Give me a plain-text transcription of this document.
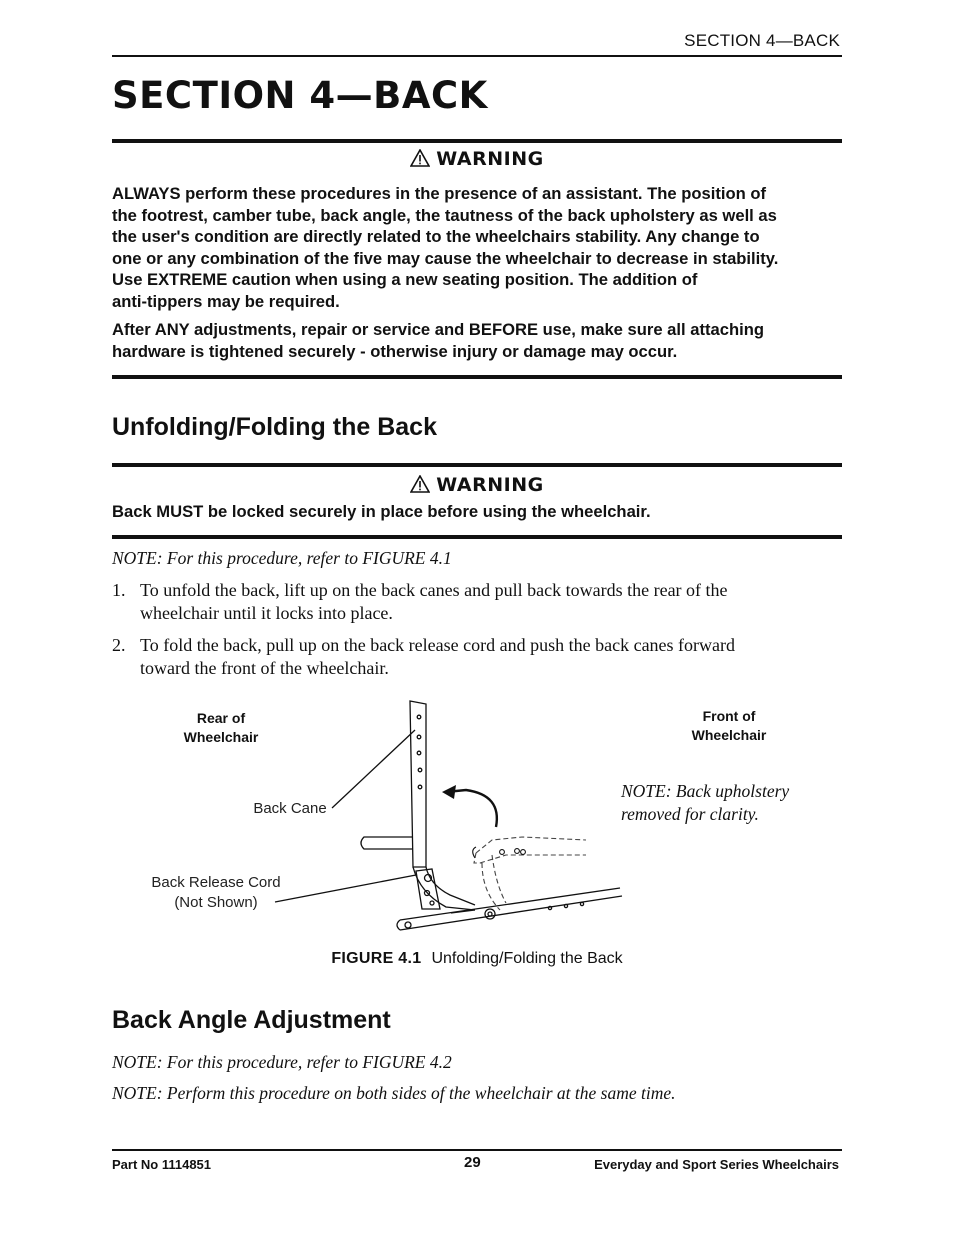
SECTION 4—BACK
SECTION 4—BACK
WARNING
ALWAYS perform these procedures in the presence of an assistant. The position of
the footrest, camber tube, back angle, the tautness of the back upholstery as well as
the user's condition are directly related to the wheelchairs stability. Any change to
one or any combination of the five may cause the wheelchair to decrease in stability.
Use EXTREME caution when using a new seating position. The addition of
anti-tippers may be required.
After ANY adjustments, repair or service and BEFORE use, make sure all attaching
hardware is tightened securely - otherwise injury or damage may occur.
Unfolding/Folding the Back
WARNING
Back MUST be locked securely in place before using the wheelchair.
NOTE: For this procedure, refer to FIGURE 4.1
1. To unfold the back, lift up on the back canes and pull back towards the rear of the
wheelchair until it locks into place.
2. To fold the back, pull up on the back release cord and push the back canes forward
toward the front of the wheelchair.
Rear of
Wheelchair
Front of
Wheelchair
Back Cane
Back Release Cord
(Not Shown)
NOTE: Back upholstery
removed for clarity.
FIGURE 4.1 Unfolding/Folding the Back
Back Angle Adjustment
NOTE: For this procedure, refer to FIGURE 4.2
NOTE: Perform this procedure on both sides of the wheelchair at the same time.
Part No 1114851	29	Everyday and Sport Series Wheelchairs
